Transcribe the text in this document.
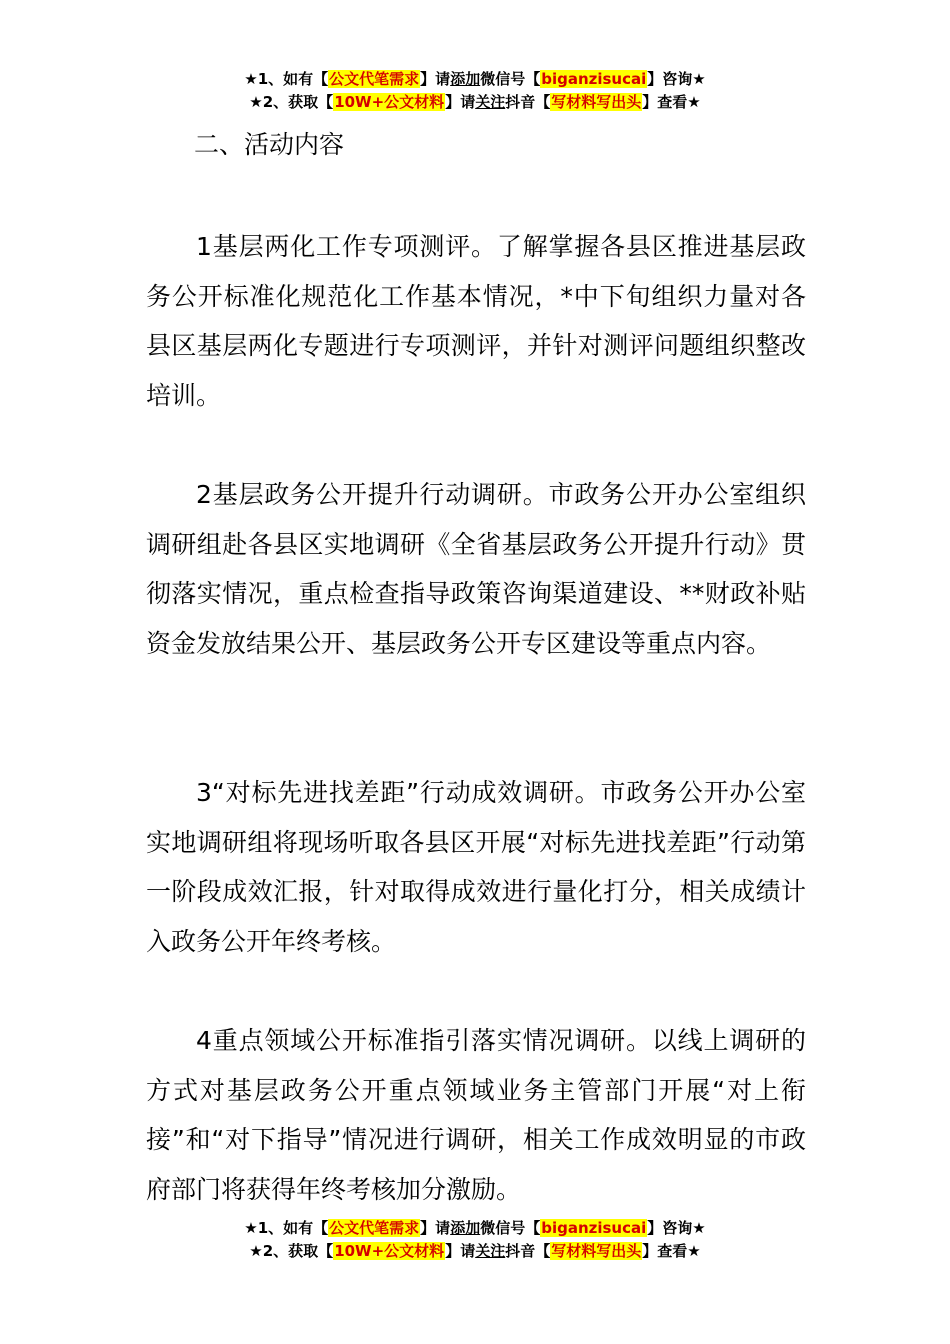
★1、如有【公文代笔需求】请添加微信号【biganzisucai】咨询★
★2、获取【10W+公文材料】请关注抖音【写材料写出头】查看★
二、活动内容

1基层两化工作专项测评。了解掌握各县区推进基层政务公开标准化规范化工作基本情况，*中下旬组织力量对各县区基层两化专题进行专项测评，并针对测评问题组织整改培训。

2基层政务公开提升行动调研。市政务公开办公室组织调研组赴各县区实地调研《全省基层政务公开提升行动》贯彻落实情况，重点检查指导政策咨询渠道建设、**财政补贴资金发放结果公开、基层政务公开专区建设等重点内容。

3“对标先进找差距”行动成效调研。市政务公开办公室实地调研组将现场听取各县区开展“对标先进找差距”行动第一阶段成效汇报，针对取得成效进行量化打分，相关成绩计入政务公开年终考核。

4重点领域公开标准指引落实情况调研。以线上调研的方式对基层政务公开重点领域业务主管部门开展“对上衔接”和“对下指导”情况进行调研，相关工作成效明显的市政府部门将获得年终考核加分激励。

★1、如有【公文代笔需求】请添加微信号【biganzisucai】咨询★
★2、获取【10W+公文材料】请关注抖音【写材料写出头】查看★
